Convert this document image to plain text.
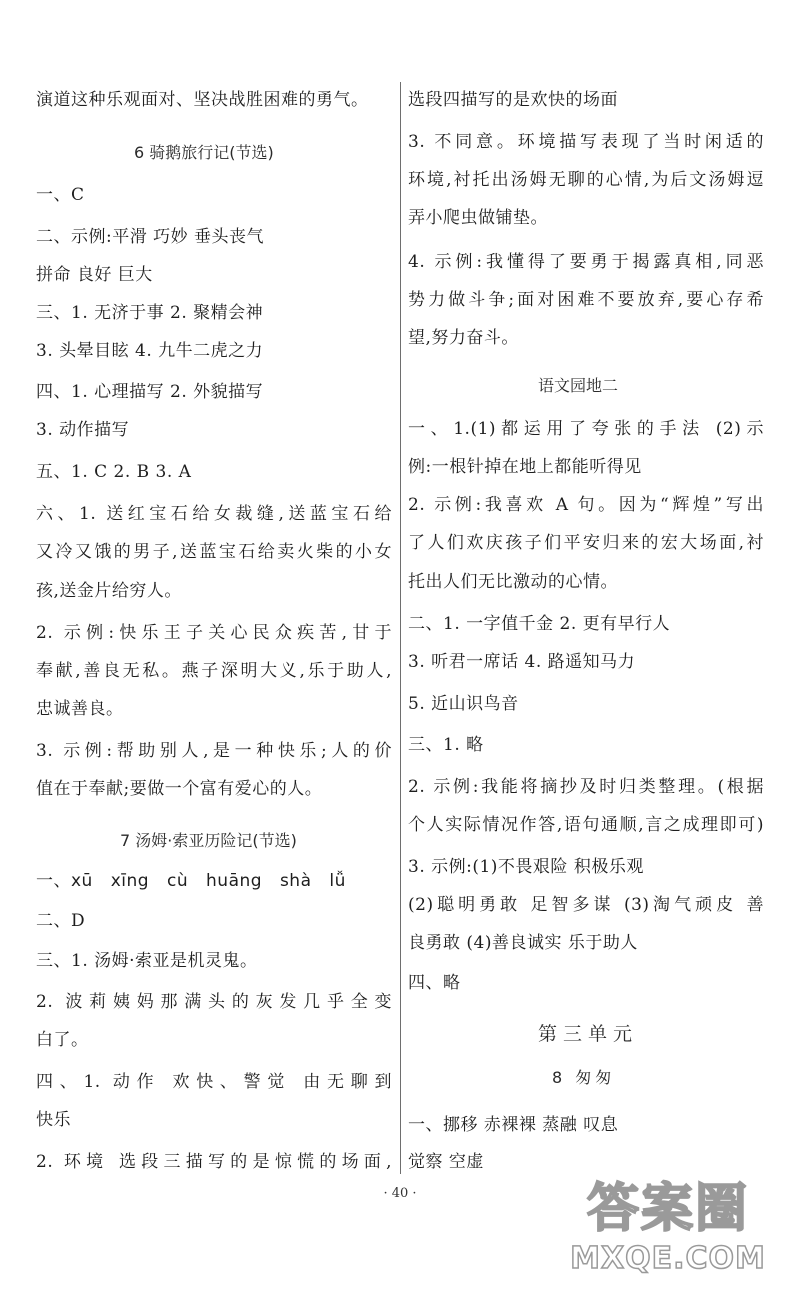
演道这种乐观面对、坚决战胜困难的勇气。
6 骑鹅旅行记(节选)
一、C
二、示例:平滑 巧妙 垂头丧气
拼命 良好 巨大
三、1. 无济于事 2. 聚精会神
3. 头晕目眩 4. 九牛二虎之力
四、1. 心理描写 2. 外貌描写
3. 动作描写
五、1. C 2. B 3. A
六、1. 送红宝石给女裁缝,送蓝宝石给
又冷又饿的男子,送蓝宝石给卖火柴的小女
孩,送金片给穷人。
2. 示例:快乐王子关心民众疾苦,甘于
奉献,善良无私。燕子深明大义,乐于助人,
忠诚善良。
3. 示例:帮助别人,是一种快乐;人的价
值在于奉献;要做一个富有爱心的人。
7 汤姆·索亚历险记(节选)
一、xū xīng cù huāng shà lǚ
二、D
三、1. 汤姆·索亚是机灵鬼。
2. 波莉姨妈那满头的灰发几乎全变
白了。
四、1. 动作 欢快、警觉 由无聊到
快乐
2. 环境 选段三描写的是惊慌的场面,
选段四描写的是欢快的场面
3. 不同意。环境描写表现了当时闲适的
环境,衬托出汤姆无聊的心情,为后文汤姆逗
弄小爬虫做铺垫。
4. 示例:我懂得了要勇于揭露真相,同恶
势力做斗争;面对困难不要放弃,要心存希
望,努力奋斗。
语文园地二
一、1.(1)都运用了夸张的手法 (2)示
例:一根针掉在地上都能听得见
2. 示例:我喜欢 A 句。因为“辉煌”写出
了人们欢庆孩子们平安归来的宏大场面,衬
托出人们无比激动的心情。
二、1. 一字值千金 2. 更有早行人
3. 听君一席话 4. 路遥知马力
5. 近山识鸟音
三、1. 略
2. 示例:我能将摘抄及时归类整理。(根据
个人实际情况作答,语句通顺,言之成理即可)
3. 示例:(1)不畏艰险 积极乐观
(2)聪明勇敢 足智多谋 (3)淘气顽皮 善
良勇敢 (4)善良诚实 乐于助人
四、略
第三单元
8 匆匆
一、挪移 赤裸裸 蒸融 叹息
觉察 空虚
· 40 ·	答案圈
MXQE.COM
